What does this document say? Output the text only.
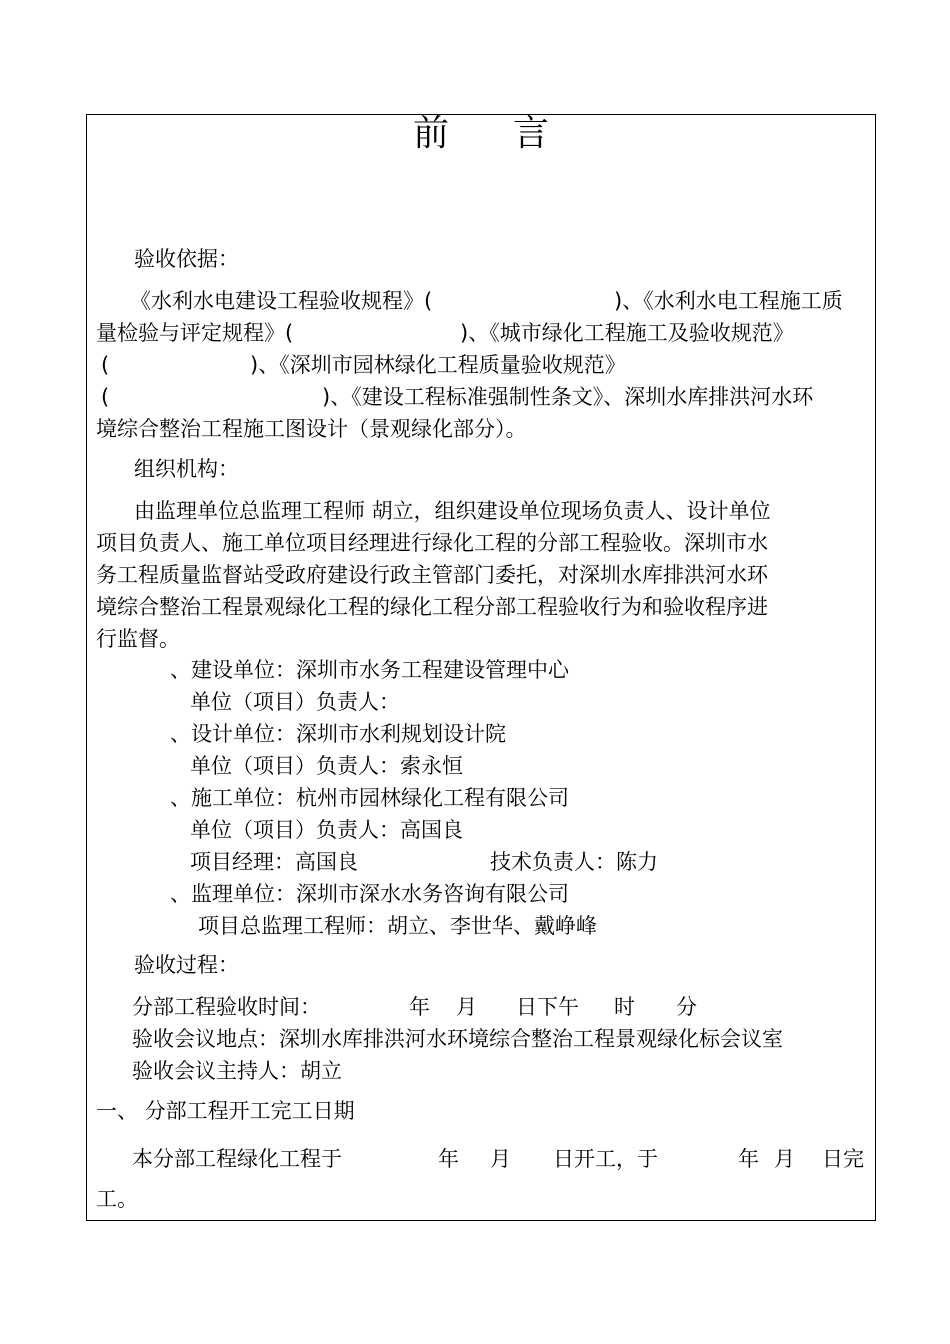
前 言
验收依据：
《水利水电建设工程验收规程》(	)、《水利水电工程施工质
量检验与评定规程》(	)、《城市绿化工程施工及验收规范》
(	)、《深圳市园林绿化工程质量验收规范》
(	)、《建设工程标准强制性条文》、深圳水库排洪河水环
境综合整治工程施工图设计（景观绿化部分）。
组织机构：
由监理单位总监理工程师 胡立，组织建设单位现场负责人、设计单位
项目负责人、施工单位项目经理进行绿化工程的分部工程验收。深圳市水
务工程质量监督站受政府建设行政主管部门委托，对深圳水库排洪河水环
境综合整治工程景观绿化工程的绿化工程分部工程验收行为和验收程序进
行监督。
、建设单位：深圳市水务工程建设管理中心
单位（项目）负责人：
、设计单位：深圳市水利规划设计院
单位（项目）负责人：索永恒
、施工单位：杭州市园林绿化工程有限公司
单位（项目）负责人：高国良
项目经理：高国良	技术负责人：陈力
、监理单位：深圳市深水水务咨询有限公司
项目总监理工程师：胡立、李世华、戴峥峰
验收过程：
分部工程验收时间：	年 月 日下午 时 分
验收会议地点：深圳水库排洪河水环境综合整治工程景观绿化标会议室
验收会议主持人：胡立
一、 分部工程开工完工日期
本分部工程绿化工程于	年 月 日开工，于	年 月 日完
工。
